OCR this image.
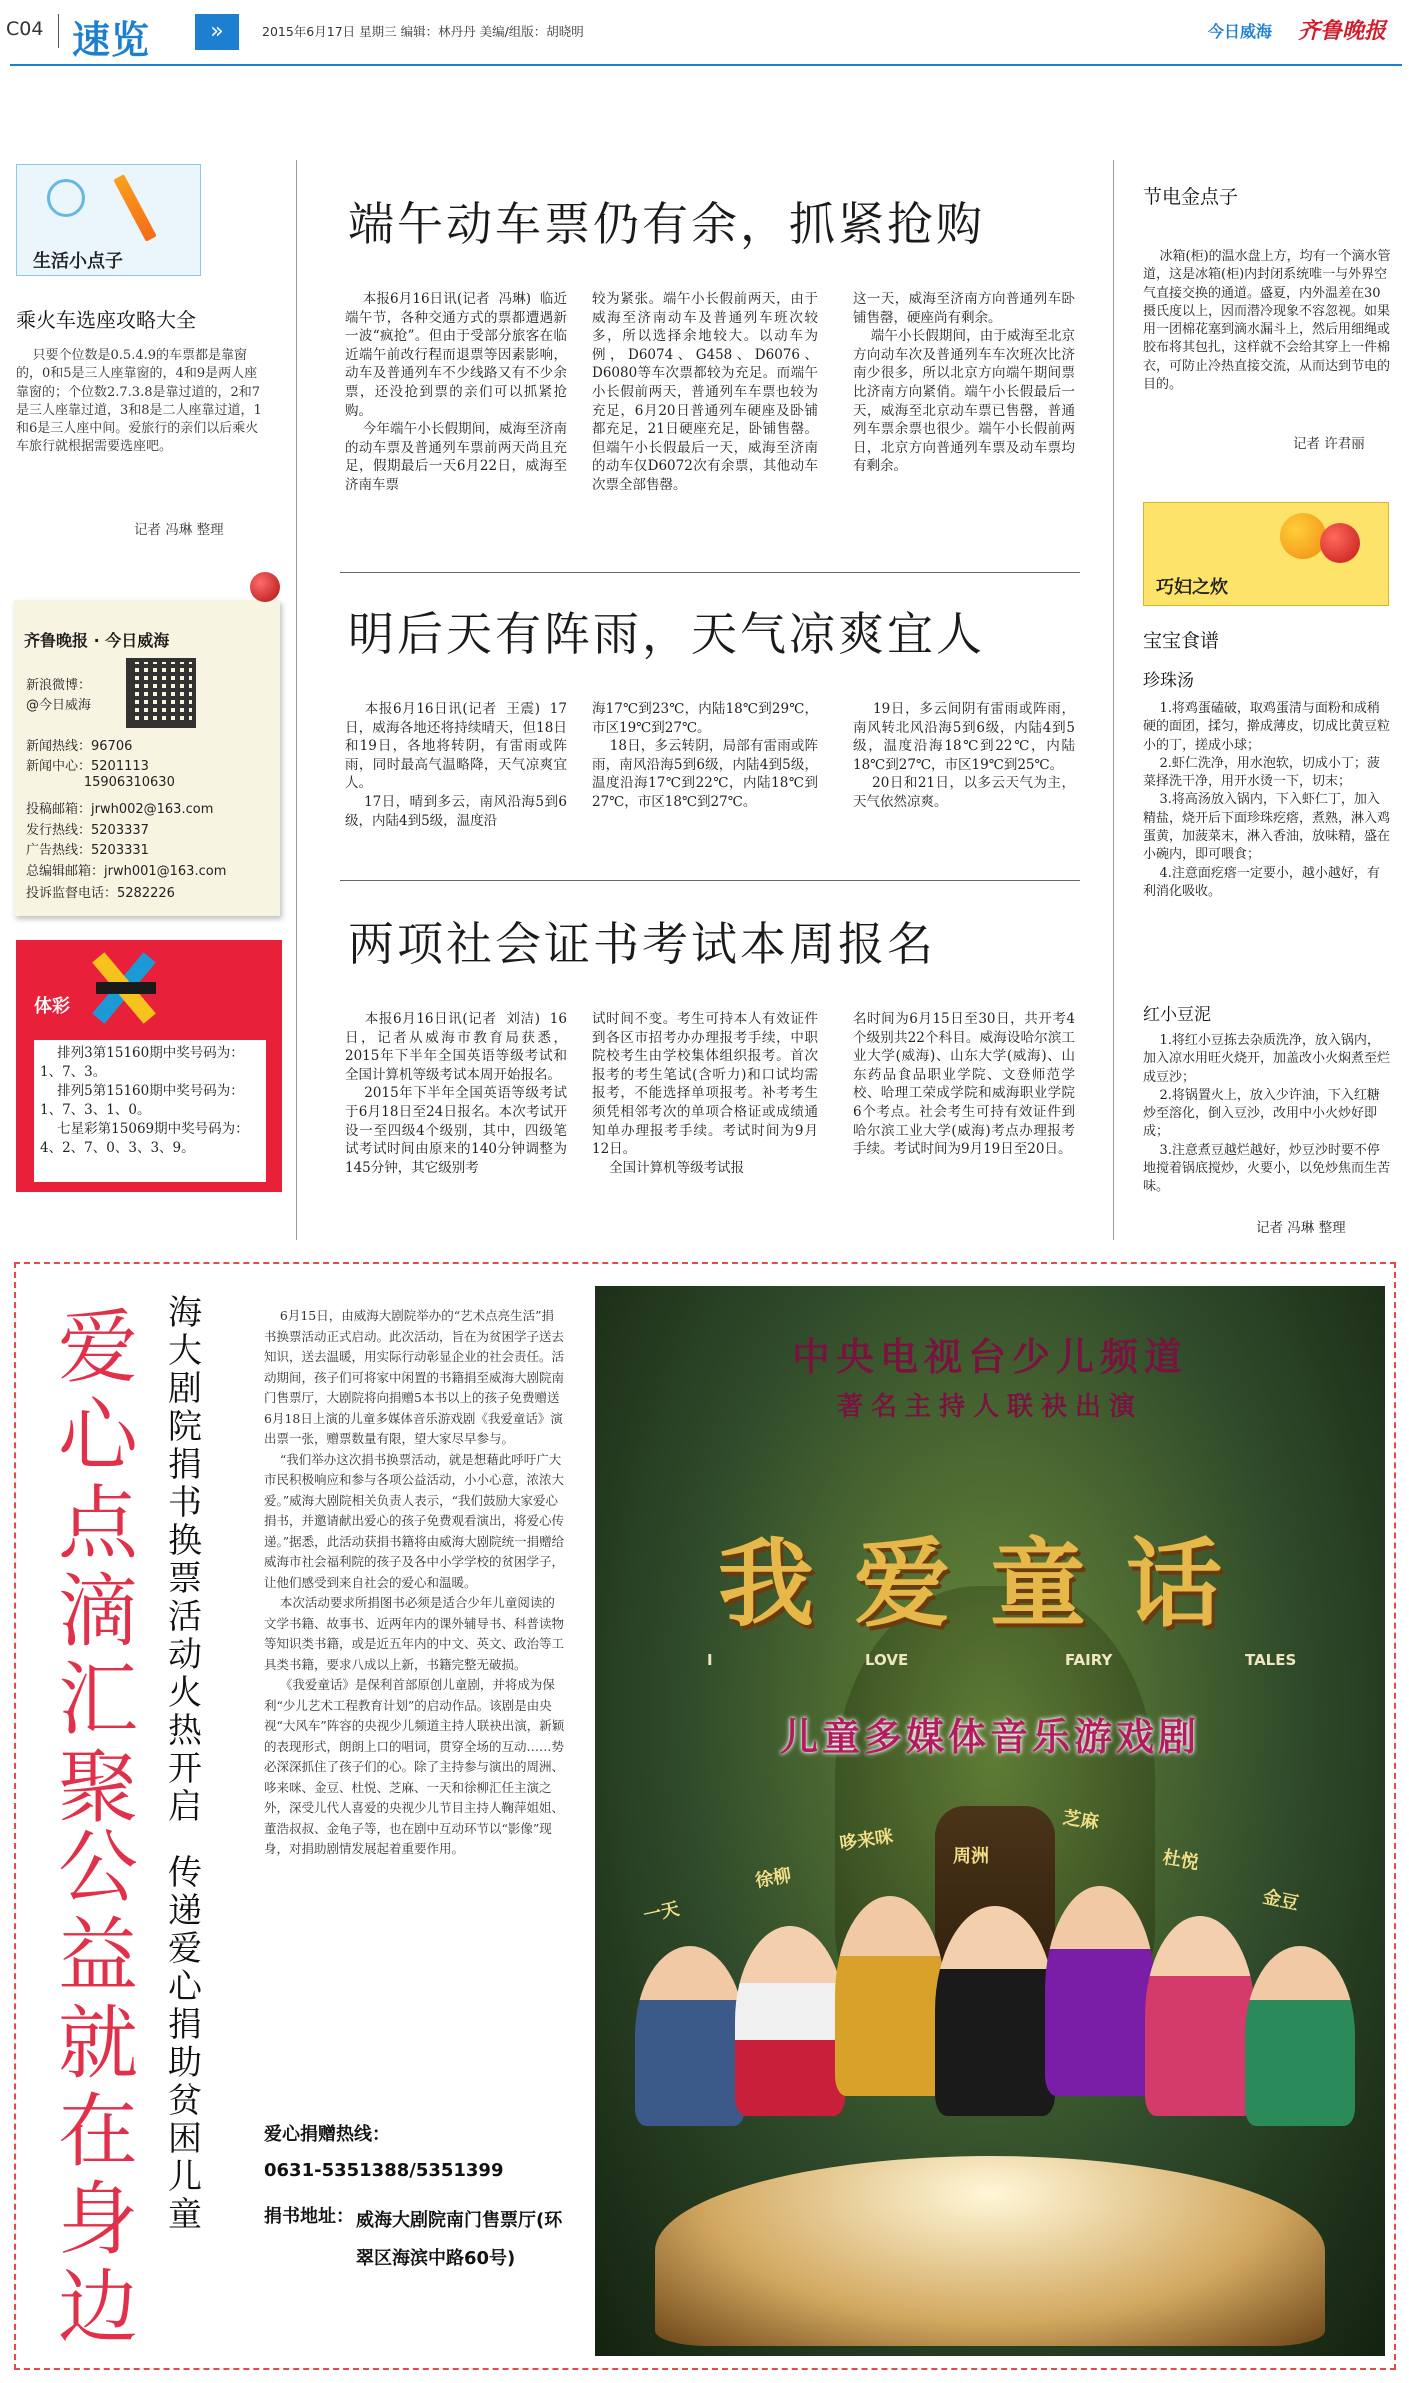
C04 速览	»	2015年6月17日 星期三 编辑：林丹丹 美编/组版：胡晓明	今日威海 齐鲁晚报
生活小点子
乘火车选座攻略大全
只要个位数是0.5.4.9的车票都是靠窗的，0和5是三人座靠窗的，4和9是两人座靠窗的；个位数2.7.3.8是靠过道的，2和7是三人座靠过道，3和8是二人座靠过道，1和6是三人座中间。爱旅行的亲们以后乘火车旅行就根据需要选座吧。
记者 冯琳 整理
齐鲁晚报 · 今日威海
新浪微博：
@今日威海
新闻热线：96706
新闻中心：5201113
15906310630
投稿邮箱：jrwh002@163.com
发行热线：5203337
广告热线：5203331
总编辑邮箱：jrwh001@163.com
投诉监督电话：5282226
体彩
排列3第15160期中奖号码为：1、7、3。
排列5第15160期中奖号码为：1、7、3、1、0。
七星彩第15069期中奖号码为：4、2、7、0、3、3、9。
端午动车票仍有余，抓紧抢购
本报6月16日讯(记者  冯琳)  临近端午节，各种交通方式的票都遭遇新一波“疯抢”。但由于受部分旅客在临近端午前改行程而退票等因素影响，动车及普通列车不少线路又有不少余票，还没抢到票的亲们可以抓紧抢购。
今年端午小长假期间，威海至济南的动车票及普通列车票前两天尚且充足，假期最后一天6月22日，威海至济南车票
较为紧张。端午小长假前两天，由于威海至济南动车及普通列车班次较多，所以选择余地较大。以动车为例，D6074、G458、D6076、D6080等车次票都较为充足。而端午小长假前两天，普通列车车票也较为充足，6月20日普通列车硬座及卧铺都充足，21日硬座充足，卧铺售罄。但端午小长假最后一天，威海至济南的动车仅D6072次有余票，其他动车次票全部售罄。
这一天，威海至济南方向普通列车卧铺售罄，硬座尚有剩余。
端午小长假期间，由于威海至北京方向动车次及普通列车车次班次比济南少很多，所以北京方向端午期间票比济南方向紧俏。端午小长假最后一天，威海至北京动车票已售罄，普通列车票余票也很少。端午小长假前两日，北京方向普通列车票及动车票均有剩余。
明后天有阵雨，天气凉爽宜人
本报6月16日讯(记者  王震)  17日，威海各地还将持续晴天，但18日和19日，各地将转阴，有雷雨或阵雨，同时最高气温略降，天气凉爽宜人。
17日，晴到多云，南风沿海5到6级，内陆4到5级，温度沿
海17℃到23℃，内陆18℃到29℃，市区19℃到27℃。
18日，多云转阴，局部有雷雨或阵雨，南风沿海5到6级，内陆4到5级，温度沿海17℃到22℃，内陆18℃到27℃，市区18℃到27℃。
19日，多云间阴有雷雨或阵雨，南风转北风沿海5到6级，内陆4到5级，温度沿海18℃到22℃，内陆18℃到27℃，市区19℃到25℃。
20日和21日，以多云天气为主，天气依然凉爽。
两项社会证书考试本周报名
本报6月16日讯(记者  刘洁)  16日，记者从威海市教育局获悉，2015年下半年全国英语等级考试和全国计算机等级考试本周开始报名。
2015年下半年全国英语等级考试于6月18日至24日报名。本次考试开设一至四级4个级别，其中，四级笔试考试时间由原来的140分钟调整为145分钟，其它级别考
试时间不变。考生可持本人有效证件到各区市招考办办理报考手续，中职院校考生由学校集体组织报考。首次报考的考生笔试(含听力)和口试均需报考，不能选择单项报考。补考考生须凭相邻考次的单项合格证或成绩通知单办理报考手续。考试时间为9月12日。
全国计算机等级考试报
名时间为6月15日至30日，共开考4个级别共22个科目。威海设哈尔滨工业大学(威海)、山东大学(威海)、山东药品食品职业学院、文登师范学校、哈理工荣成学院和威海职业学院6个考点。社会考生可持有效证件到哈尔滨工业大学(威海)考点办理报考手续。考试时间为9月19日至20日。
节电金点子
冰箱(柜)的温水盘上方，均有一个滴水管道，这是冰箱(柜)内封闭系统唯一与外界空气直接交换的通道。盛夏，内外温差在30摄氏度以上，因而潜冷现象不容忽视。如果用一团棉花塞到滴水漏斗上，然后用细绳或胶布将其包扎，这样就不会给其穿上一件棉衣，可防止冷热直接交流，从而达到节电的目的。
记者 许君丽
巧妇之炊
宝宝食谱
珍珠汤
1.将鸡蛋磕破，取鸡蛋清与面粉和成稍硬的面团，揉匀，擀成薄皮，切成比黄豆粒小的丁，搓成小球；
2.虾仁洗净，用水泡软，切成小丁；菠菜择洗干净，用开水烫一下，切末；
3.将高汤放入锅内，下入虾仁丁，加入精盐，烧开后下面珍珠疙瘩，煮熟，淋入鸡蛋黄，加菠菜末，淋入香油，放味精，盛在小碗内，即可喂食；
4.注意面疙瘩一定要小，越小越好，有利消化吸收。
红小豆泥
1.将红小豆拣去杂质洗净，放入锅内，加入凉水用旺火烧开，加盖改小火焖煮至烂成豆沙；
2.将锅置火上，放入少许油，下入红糖炒至溶化，倒入豆沙，改用中小火炒好即成；
3.注意煮豆越烂越好，炒豆沙时要不停地搅着锅底搅炒，火要小，以免炒焦而生苦味。
记者 冯琳 整理
爱心点滴汇聚
公益就在身边
海大剧院捐书换票活动火热开启
传递爱心捐助贫困儿童
6月15日，由威海大剧院举办的“艺术点亮生活”捐书换票活动正式启动。此次活动，旨在为贫困学子送去知识，送去温暖，用实际行动彰显企业的社会责任。活动期间，孩子们可将家中闲置的书籍捐至威海大剧院南门售票厅，大剧院将向捐赠5本书以上的孩子免费赠送6月18日上演的儿童多媒体音乐游戏剧《我爱童话》演出票一张，赠票数量有限，望大家尽早参与。
“我们举办这次捐书换票活动，就是想藉此呼吁广大市民积极响应和参与各项公益活动，小小心意，浓浓大爱。”威海大剧院相关负责人表示，“我们鼓励大家爱心捐书，并邀请献出爱心的孩子免费观看演出，将爱心传递。”据悉，此活动获捐书籍将由威海大剧院统一捐赠给威海市社会福利院的孩子及各中小学学校的贫困学子，让他们感受到来自社会的爱心和温暖。
本次活动要求所捐图书必须是适合少年儿童阅读的文学书籍、故事书、近两年内的课外辅导书、科普读物等知识类书籍，或是近五年内的中文、英文、政治等工具类书籍，要求八成以上新，书籍完整无破损。
《我爱童话》是保利首部原创儿童剧，并将成为保利“少儿艺术工程教育计划”的启动作品。该剧是由央视“大风车”阵容的央视少儿频道主持人联袂出演，新颖的表现形式，朗朗上口的唱词，贯穿全场的互动……势必深深抓住了孩子们的心。除了主持参与演出的周洲、哆来咪、金豆、杜悦、芝麻、一天和徐柳汇任主演之外，深受儿代人喜爱的央视少儿节目主持人鞠萍姐姐、董浩叔叔、金龟子等，也在剧中互动环节以“影像”现身，对捐助剧情发展起着重要作用。
爱心捐赠热线：
0631-5351388/5351399
捐书地址： 威海大剧院南门售票厅(环翠区海滨中路60号)
中央电视台少儿频道
著名主持人联袂出演
我爱童话
I	LOVE	FAIRY	TALES
儿童多媒体音乐游戏剧
一天
徐柳
哆来咪
周洲
芝麻
杜悦
金豆
